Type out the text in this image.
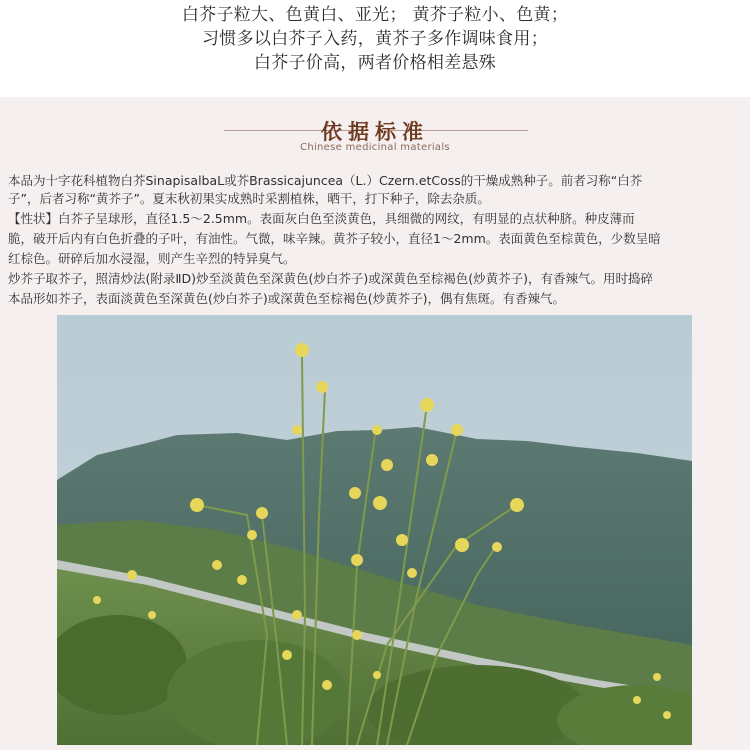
白芥子粒大、色黄白、亚光； 黄芥子粒小、色黄；
习惯多以白芥子入药，黄芥子多作调味食用；
白芥子价高，两者价格相差悬殊
依据标准
Chinese medicinal materials
本品为十字花科植物白芥SinapisalbaL或芥Brassicajuncea（L.）Czern.etCoss的干燥成熟种子。前者习称“白芥
子”，后者习称“黄芥子”。夏末秋初果实成熟时采割植株，晒干，打下种子，除去杂质。
【性状】白芥子呈球形，直径1.5～2.5mm。表面灰白色至淡黄色，具细微的网纹，有明显的点状种脐。种皮薄而
脆，破开后内有白色折叠的子叶，有油性。气微，味辛辣。黄芥子较小，直径1～2mm。表面黄色至棕黄色，少数呈暗
红棕色。研碎后加水浸湿，则产生辛烈的特异臭气。
炒芥子取芥子，照清炒法(附录ⅡD)炒至淡黄色至深黄色(炒白芥子)或深黄色至棕褐色(炒黄芥子)，有香辣气。用时捣碎
本品形如芥子，表面淡黄色至深黄色(炒白芥子)或深黄色至棕褐色(炒黄芥子)，偶有焦斑。有香辣气。
